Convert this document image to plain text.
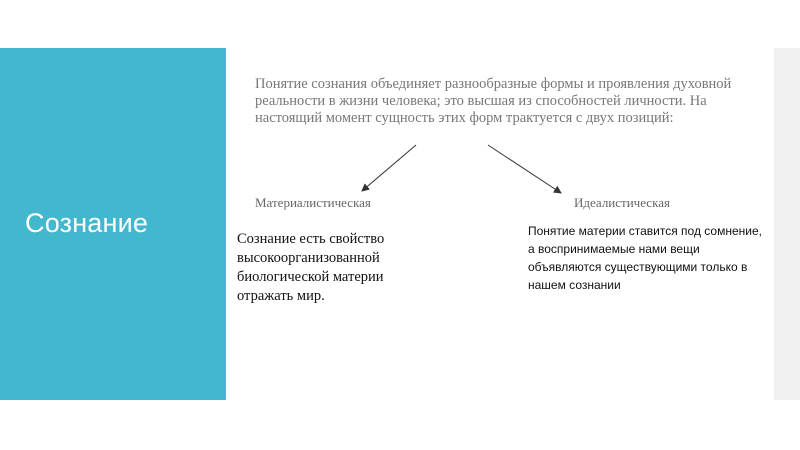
Сознание

Понятие сознания объединяет разнообразные формы и проявления духовной реальности в жизни человека; это высшая из способностей личности. На настоящий момент сущность этих форм трактуется с двух позиций:

Материалистическая	Идеалистическая

Сознание есть свойство высокоорганизованной биологической материи отражать мир.

Понятие материи ставится под сомнение, а воспринимаемые нами вещи объявляются существующими только в нашем сознании
